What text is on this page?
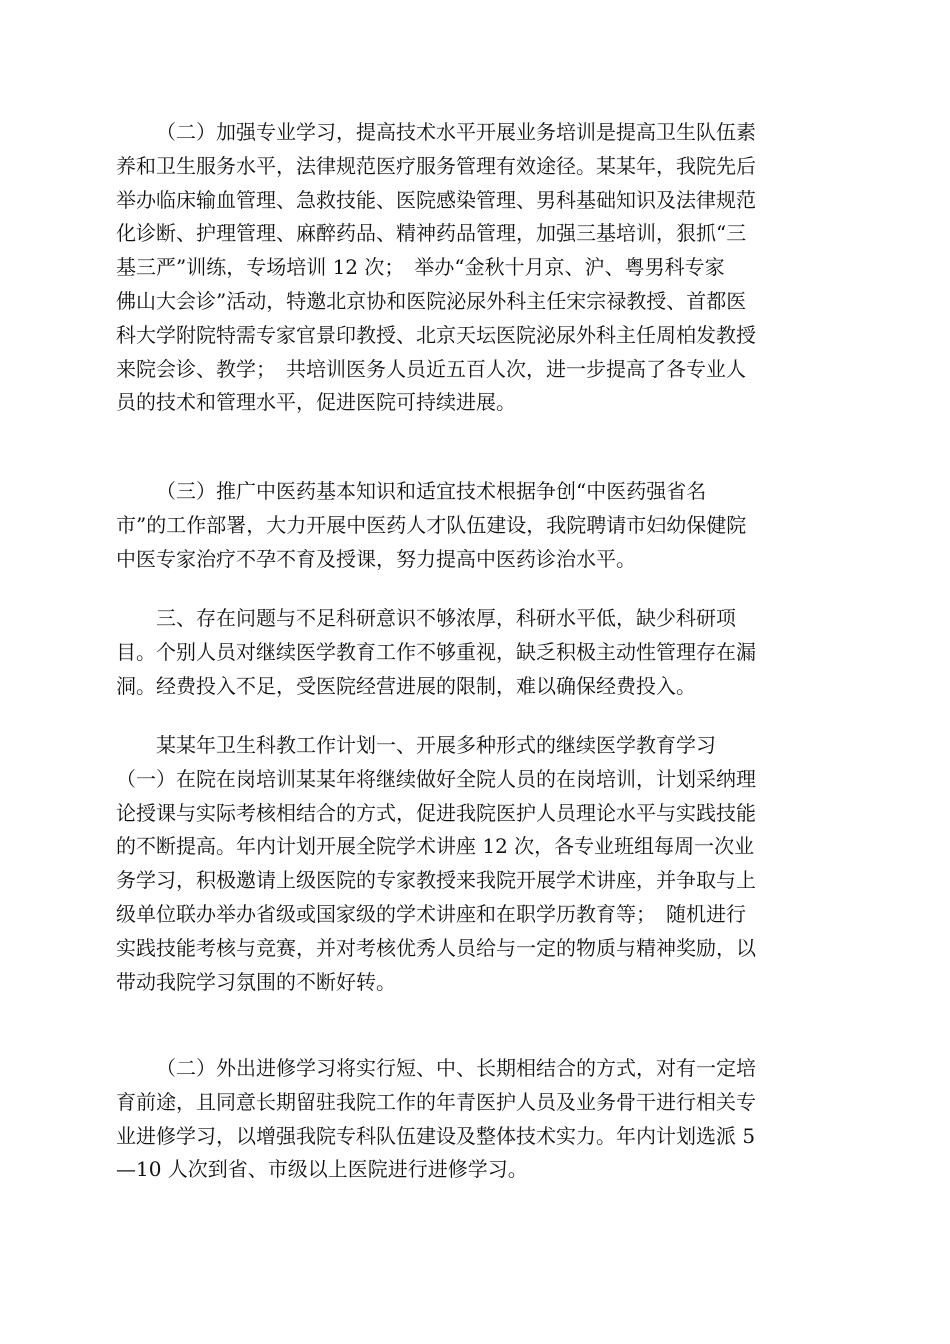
（二）加强专业学习，提高技术水平开展业务培训是提高卫生队伍素
养和卫生服务水平，法律规范医疗服务管理有效途径。某某年，我院先后
举办临床输血管理、急救技能、医院感染管理、男科基础知识及法律规范
化诊断、护理管理、麻醉药品、精神药品管理，加强三基培训，狠抓“三
基三严”训练，专场培训 12 次；　举办“金秋十月京、沪、粤男科专家
佛山大会诊”活动，特邀北京协和医院泌尿外科主任宋宗禄教授、首都医
科大学附院特需专家官景印教授、北京天坛医院泌尿外科主任周柏发教授
来院会诊、教学；　共培训医务人员近五百人次，进一步提高了各专业人
员的技术和管理水平，促进医院可持续进展。

（三）推广中医药基本知识和适宜技术根据争创“中医药强省名
市”的工作部署，大力开展中医药人才队伍建设，我院聘请市妇幼保健院
中医专家治疗不孕不育及授课，努力提高中医药诊治水平。

三、存在问题与不足科研意识不够浓厚，科研水平低，缺少科研项
目。个别人员对继续医学教育工作不够重视，缺乏积极主动性管理存在漏
洞。经费投入不足，受医院经营进展的限制，难以确保经费投入。

某某年卫生科教工作计划一、开展多种形式的继续医学教育学习
（一）在院在岗培训某某年将继续做好全院人员的在岗培训，计划采纳理
论授课与实际考核相结合的方式，促进我院医护人员理论水平与实践技能
的不断提高。年内计划开展全院学术讲座 12 次，各专业班组每周一次业
务学习，积极邀请上级医院的专家教授来我院开展学术讲座，并争取与上
级单位联办举办省级或国家级的学术讲座和在职学历教育等；　随机进行
实践技能考核与竞赛，并对考核优秀人员给与一定的物质与精神奖励，以
带动我院学习氛围的不断好转。

（二）外出进修学习将实行短、中、长期相结合的方式，对有一定培
育前途，且同意长期留驻我院工作的年青医护人员及业务骨干进行相关专
业进修学习，以增强我院专科队伍建设及整体技术实力。年内计划选派 5
—10 人次到省、市级以上医院进行进修学习。
